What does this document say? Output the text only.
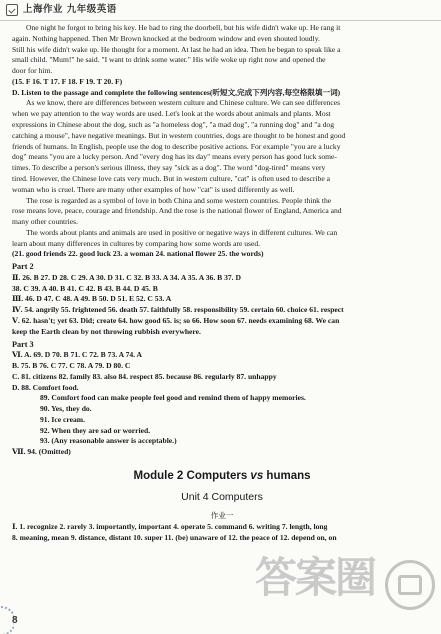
上海作业 九年级英语

One night he forgot to bring his key. He had to ring the doorbell, but his wife didn't wake up. He rang it

again. Nothing happened. Then Mr Brown knocked at the bedroom window and even shouted loudly.

Still his wife didn't wake up. He thought for a moment. At last he had an idea. Then he began to speak like a

small child. "Mum!" he said. "I want to drink some water." His wife woke up right now and opened the

door for him.

(15. F 16. T 17. F 18. F 19. T 20. F)

D. Listen to the passage and complete the following sentences(听短文,完成下列内容,每空格限填一词)

As we know, there are differences between western culture and Chinese culture. We can see differences

when we pay attention to the way words are used. Let's look at the words about animals and plants. Most

expressions in Chinese about the dog, such as "a homeless dog", "a mad dog", "a running dog" and "a dog

catching a mouse", have negative meanings. But in western countries, dogs are thought to be honest and good

friends of humans. In English, people use the dog to describe positive actions. For example "you are a lucky

dog" means "you are a lucky person. And "every dog has its day" means every person has good luck some-

times. To describe a person's serious illness, they say "sick as a dog". The word "dog-tired" means very

tired. However, the Chinese love cats very much. But in western culture, "cat" is often used to describe a

woman who is cruel. There are many other examples of how "cat" is used differently as well.

The rose is regarded as a symbol of love in both China and some western countries. People think the

rose means love, peace, courage and friendship. And the rose is the national flower of England, America and

many other countries.

The words about plants and animals are used in positive or negative ways in different cultures. We can

learn about many differences in cultures by comparing how some words are used.

(21. good friends 22. good luck 23. a woman 24. national flower 25. the words)

Part 2

Ⅱ. 26. B 27. D 28. C 29. A 30. D 31. C 32. B 33. A 34. A 35. A 36. B 37. D

38. C 39. A 40. B 41. C 42. B 43. B 44. D 45. B

Ⅲ. 46. D 47. C 48. A 49. B 50. D 51. E 52. C 53. A

Ⅳ. 54. angrily 55. frightened 56. death 57. faithfully 58. responsibility 59. certain 60. choice 61. respect

Ⅴ. 62. hasn't; yet 63. Did; create 64. how good 65. is; so 66. How soon 67. needs examining 68. We can

keep the Earth clean by not throwing rubbish everywhere.

Part 3

Ⅵ. A. 69. D 70. B 71. C 72. B 73. A 74. A

B. 75. B 76. C 77. C 78. A 79. D 80. C

C. 81. citizens 82. family 83. also 84. respect 85. because 86. regularly 87. unhappy

D. 88. Comfort food.

89. Comfort food can make people feel good and remind them of happy memories.

90. Yes, they do.

91. Ice cream.

92. When they are sad or worried.

93. (Any reasonable answer is acceptable.)

Ⅶ. 94. (Omitted)

Module 2 Computers vs humans
Unit 4 Computers
作业一

Ⅰ. 1. recognize 2. rarely 3. importantly, important 4. operate 5. command 6. writing 7. length, long

8. meaning, mean 9. distance, distant 10. super 11. (be) unaware of 12. the peace of 12. depend on, on

答案圈
8
